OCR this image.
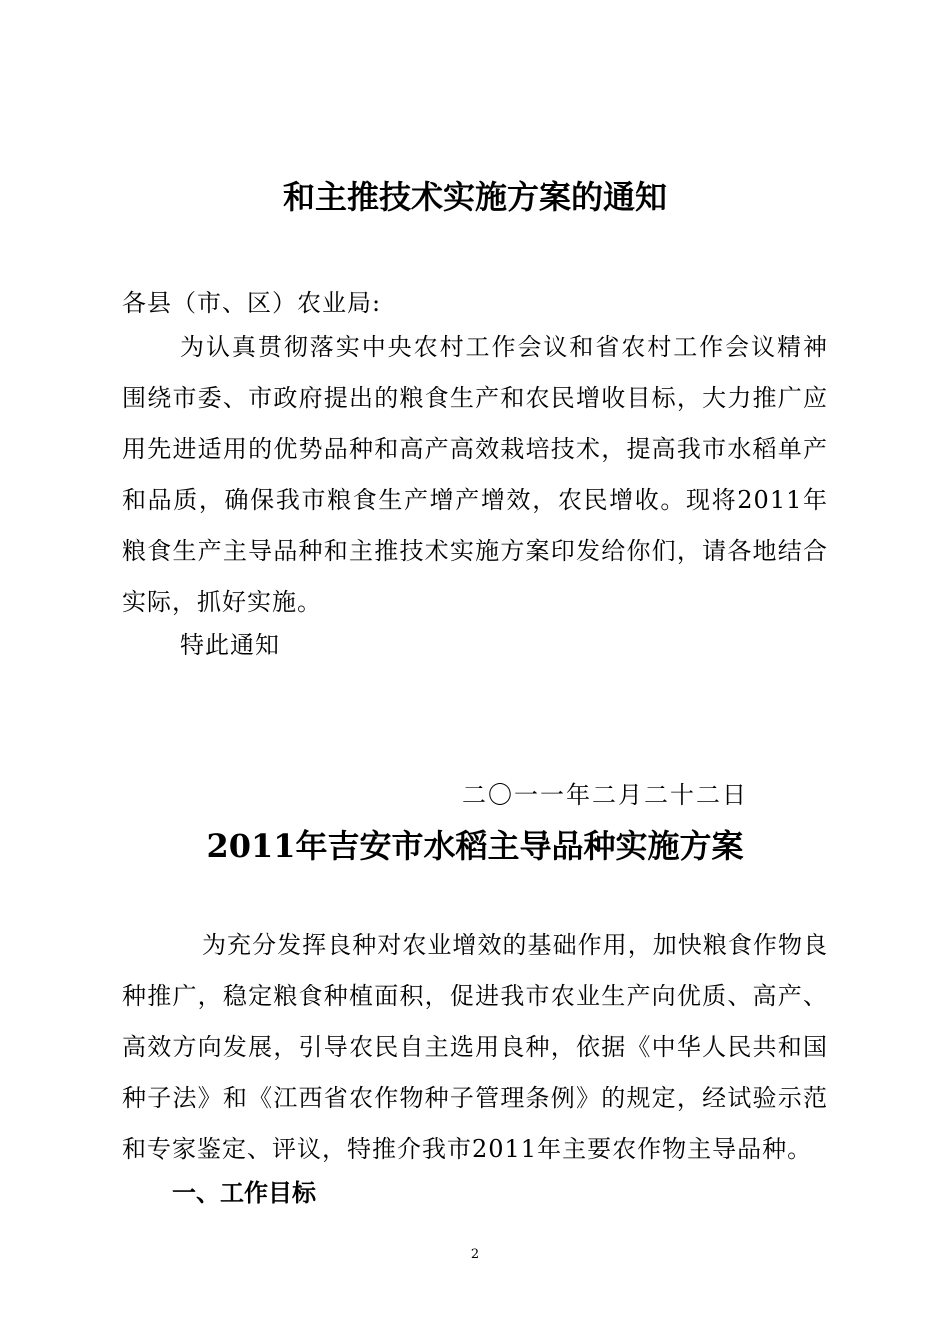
和主推技术实施方案的通知
各县（市、区）农业局:
为认真贯彻落实中央农村工作会议和省农村工作会议精神围绕市委、市政府提出的粮食生产和农民增收目标，大力推广应用先进适用的优势品种和高产高效栽培技术，提高我市水稻单产和品质，确保我市粮食生产增产增效，农民增收。现将2011年粮食生产主导品种和主推技术实施方案印发给你们，请各地结合实际，抓好实施。
特此通知
二〇一一年二月二十二日
2011年吉安市水稻主导品种实施方案
为充分发挥良种对农业增效的基础作用，加快粮食作物良种推广，稳定粮食种植面积，促进我市农业生产向优质、高产、高效方向发展，引导农民自主选用良种，依据《中华人民共和国种子法》和《江西省农作物种子管理条例》的规定，经试验示范和专家鉴定、评议，特推介我市2011年主要农作物主导品种。
一、工作目标
2
